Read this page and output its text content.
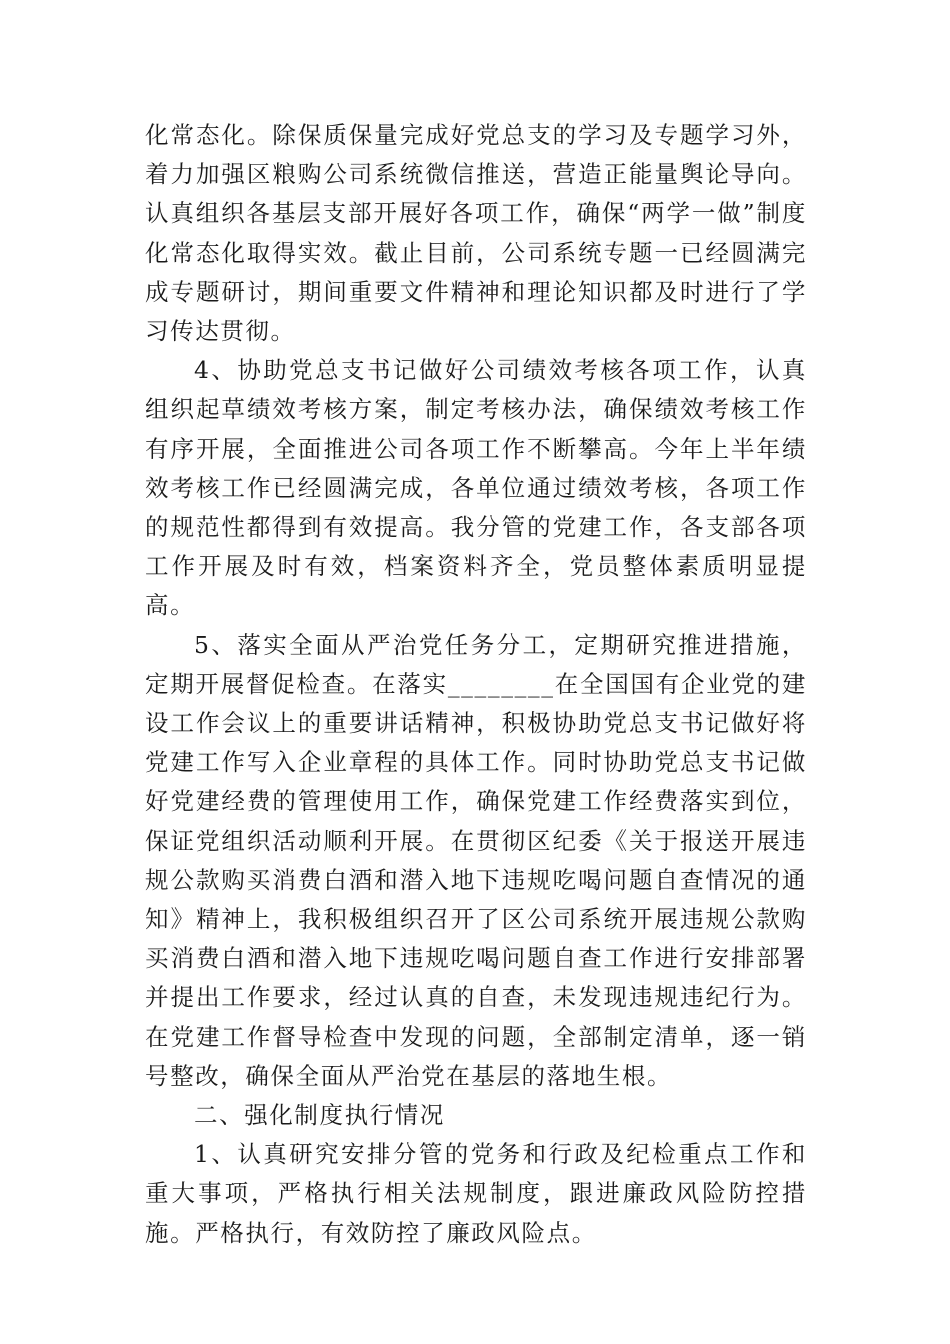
化常态化。除保质保量完成好党总支的学习及专题学习外，着力加强区粮购公司系统微信推送，营造正能量舆论导向。认真组织各基层支部开展好各项工作，确保“两学一做”制度化常态化取得实效。截止目前，公司系统专题一已经圆满完成专题研讨，期间重要文件精神和理论知识都及时进行了学习传达贯彻。

4、协助党总支书记做好公司绩效考核各项工作，认真组织起草绩效考核方案，制定考核办法，确保绩效考核工作有序开展，全面推进公司各项工作不断攀高。今年上半年绩效考核工作已经圆满完成，各单位通过绩效考核，各项工作的规范性都得到有效提高。我分管的党建工作，各支部各项工作开展及时有效，档案资料齐全，党员整体素质明显提高。

5、落实全面从严治党任务分工，定期研究推进措施，定期开展督促检查。在落实________在全国国有企业党的建设工作会议上的重要讲话精神，积极协助党总支书记做好将党建工作写入企业章程的具体工作。同时协助党总支书记做好党建经费的管理使用工作，确保党建工作经费落实到位，保证党组织活动顺利开展。在贯彻区纪委《关于报送开展违规公款购买消费白酒和潜入地下违规吃喝问题自查情况的通知》精神上，我积极组织召开了区公司系统开展违规公款购买消费白酒和潜入地下违规吃喝问题自查工作进行安排部署并提出工作要求，经过认真的自查，未发现违规违纪行为。在党建工作督导检查中发现的问题，全部制定清单，逐一销号整改，确保全面从严治党在基层的落地生根。

二、强化制度执行情况

1、认真研究安排分管的党务和行政及纪检重点工作和重大事项，严格执行相关法规制度，跟进廉政风险防控措施。严格执行，有效防控了廉政风险点。
